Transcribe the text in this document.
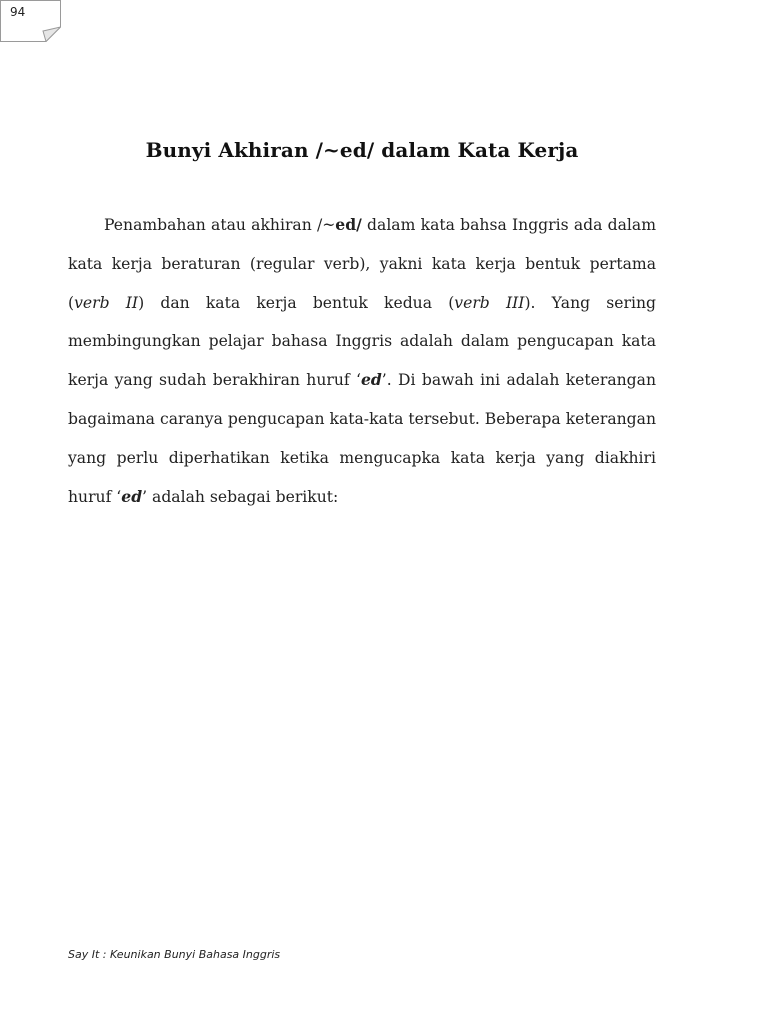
94
Bunyi Akhiran /~ed/ dalam Kata Kerja

Penambahan atau akhiran /~ed/ dalam kata bahsa Inggris ada dalam kata kerja beraturan (regular verb), yakni kata kerja bentuk pertama (verb II) dan kata kerja bentuk kedua (verb III). Yang sering membingungkan pelajar bahasa Inggris adalah dalam pengucapan kata kerja yang sudah berakhiran huruf ‘ed’. Di bawah ini adalah keterangan bagaimana caranya pengucapan kata-kata tersebut. Beberapa keterangan yang perlu diperhatikan ketika mengucapka kata kerja yang diakhiri huruf ‘ed’ adalah sebagai berikut:

Say It : Keunikan Bunyi Bahasa Inggris
